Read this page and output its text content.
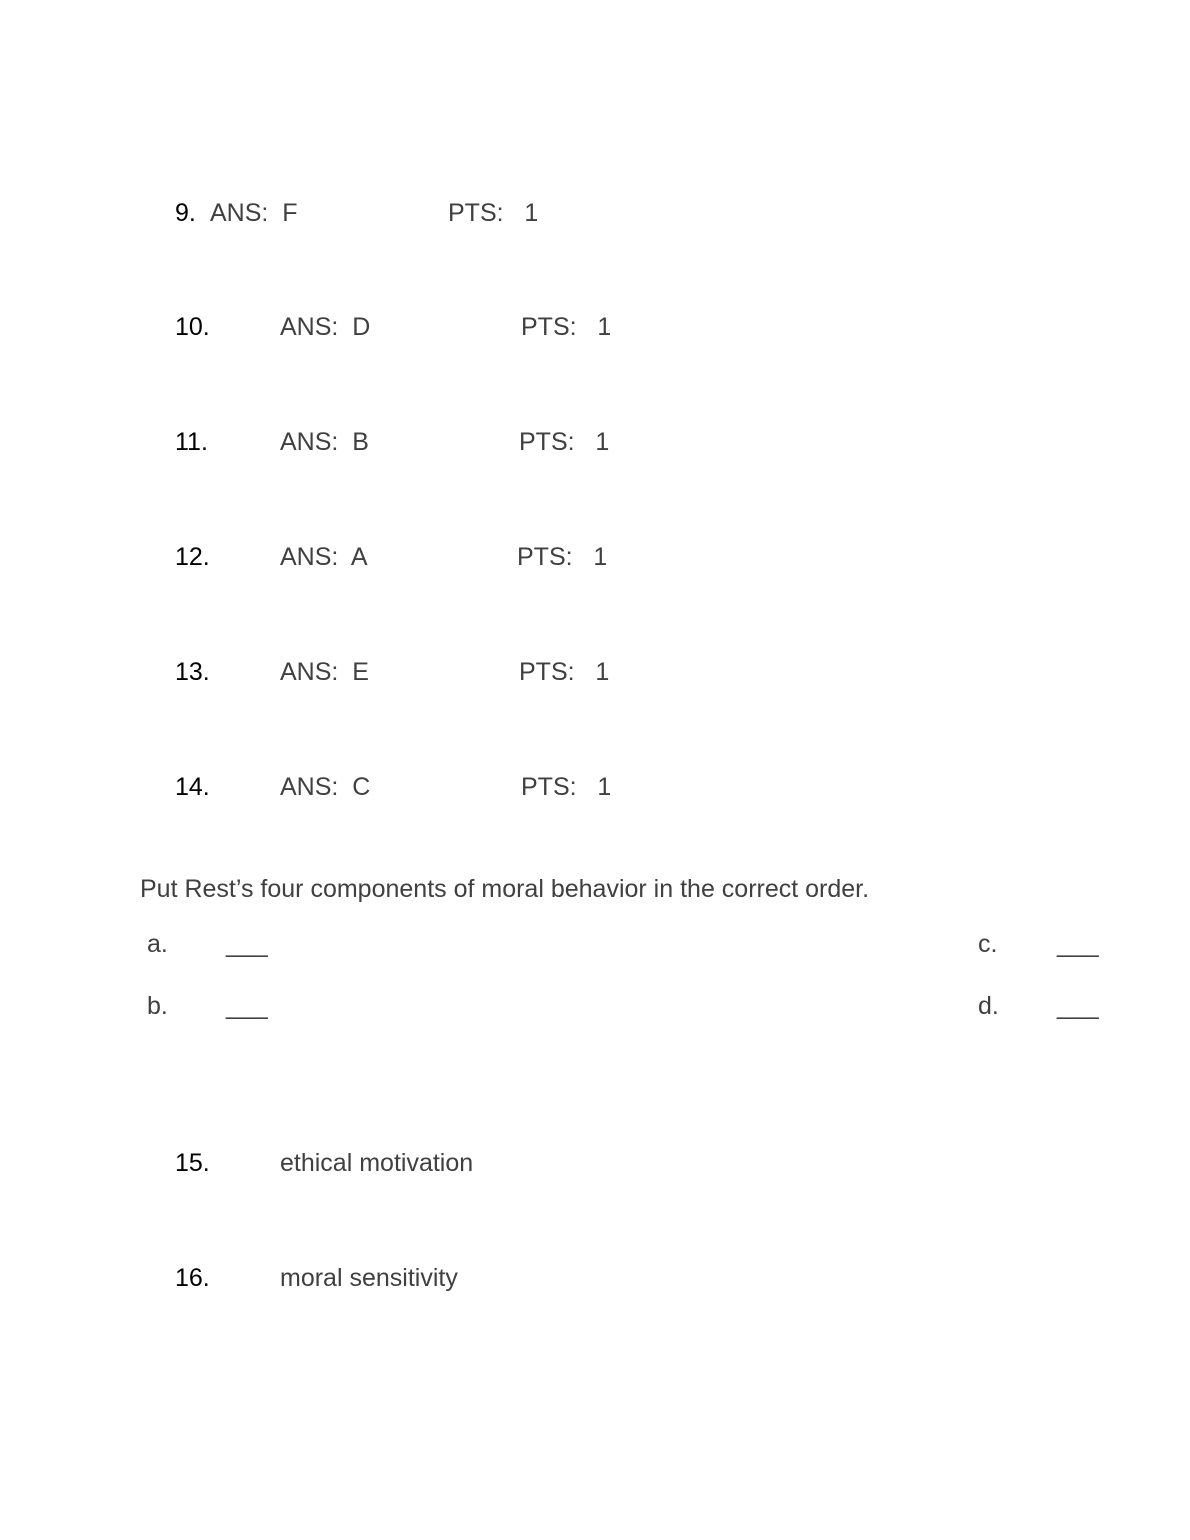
9. ANS:  F	PTS:   1
10.	ANS:  D	PTS:   1
11.	ANS:  B	PTS:   1
12.	ANS:  A	PTS:   1
13.	ANS:  E	PTS:   1
14.	ANS:  C	PTS:   1
Put Rest’s four components of moral behavior in the correct order.
a. ___
b. ___
c. ___
d. ___
15.	ethical motivation
16.	moral sensitivity
